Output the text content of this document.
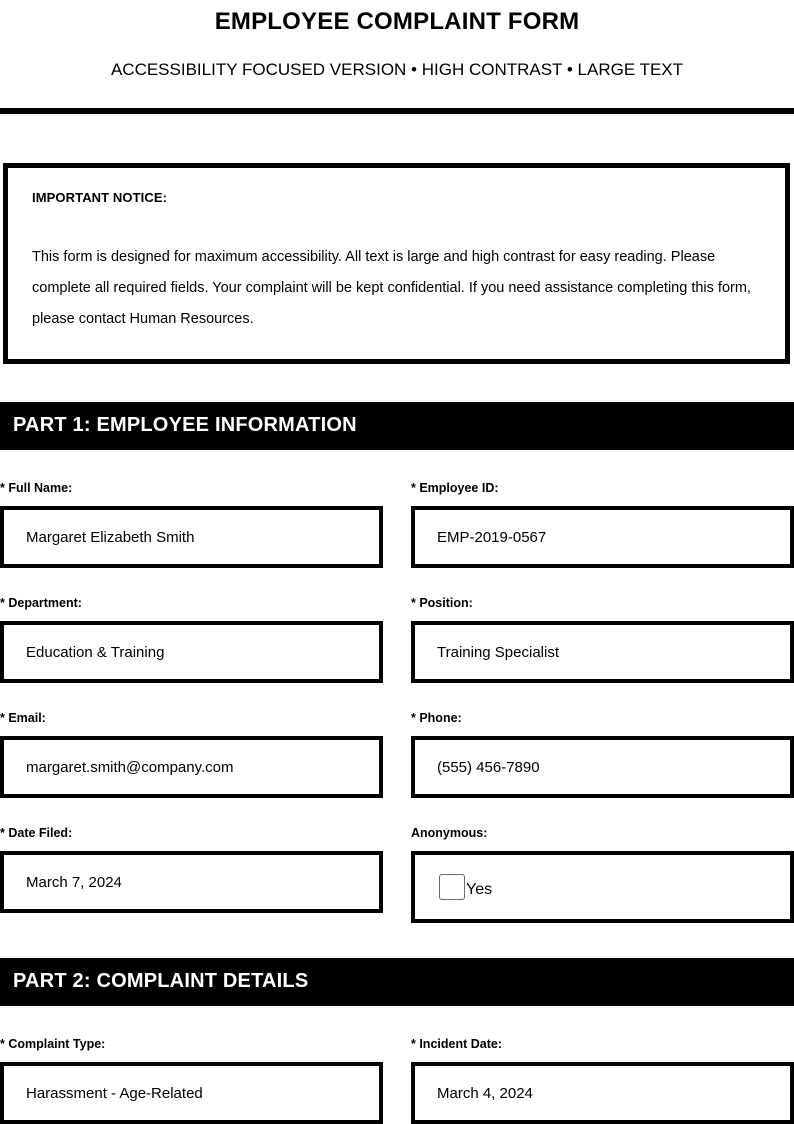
EMPLOYEE COMPLAINT FORM
ACCESSIBILITY FOCUSED VERSION • HIGH CONTRAST • LARGE TEXT
IMPORTANT NOTICE:
This form is designed for maximum accessibility. All text is large and high contrast for easy reading. Please complete all required fields. Your complaint will be kept confidential. If you need assistance completing this form, please contact Human Resources.
PART 1: EMPLOYEE INFORMATION
* Full Name:
Margaret Elizabeth Smith
* Employee ID:
EMP-2019-0567
* Department:
Education & Training
* Position:
Training Specialist
* Email:
margaret.smith@company.com
* Phone:
(555) 456-7890
* Date Filed:
March 7, 2024
Anonymous:
Yes
PART 2: COMPLAINT DETAILS
* Complaint Type:
Harassment - Age-Related
* Incident Date:
March 4, 2024
